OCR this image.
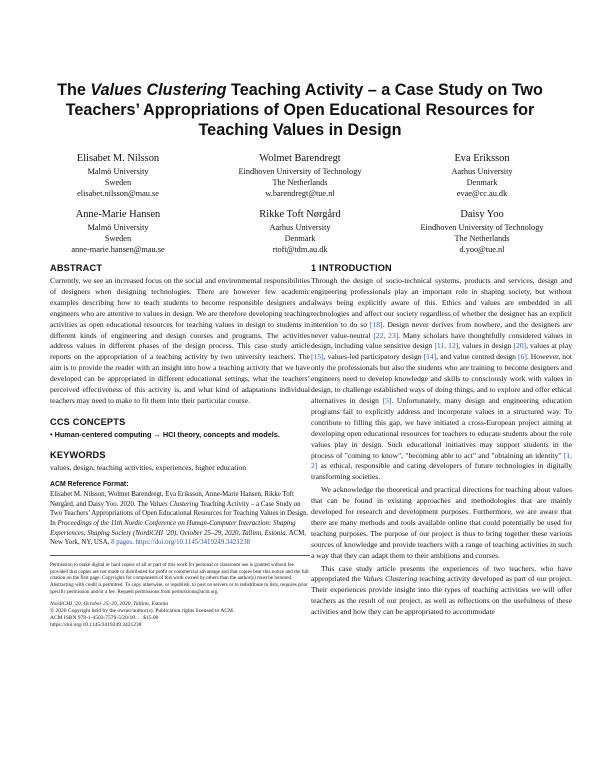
The Values Clustering Teaching Activity – a Case Study on Two
Teachers’ Appropriations of Open Educational Resources for
Teaching Values in Design
Elisabet M. Nilsson
Malmö University
Sweden
elisabet.nilsson@mau.se
Wolmet Barendregt
Eindhoven University of Technology
The Netherlands
w.barendregt@tue.nl
Eva Eriksson
Aarhus University
Denmark
evae@cc.au.dk
Anne-Marie Hansen
Malmö University
Sweden
anne-marie.hansen@mau.se
Rikke Toft Nørgård
Aarhus University
Denmark
rtoft@tdm.au.dk
Daisy Yoo
Eindhoven University of Technology
The Netherlands
d.yoo@tue.nl
ABSTRACT

Currently, we see an increased focus on the social and environmental responsibilities of designers when designing technologies. There are however few academic examples describing how to teach students to become responsible designers and engineers who are attentive to values in design. We are therefore developing teaching activities as open educational resources for teaching values in design to students in different kinds of engineering and design courses and programs. The activities address values in different phases of the design process. This case study article reports on the appropriation of a teaching activity by two university teachers. The aim is to provide the reader with an insight into how a teaching activity that we have developed can be appropriated in different educational settings, what the teachers’ perceived effectiveness of this activity is, and what kind of adaptations individual teachers may need to make to fit them into their particular course.

CCS CONCEPTS

• Human-centered computing → HCI theory, concepts and models.

KEYWORDS

values, design, teaching activities, experiences, higher education

ACM Reference Format:

Elisabet M. Nilsson, Wolmet Barendregt, Eva Eriksson, Anne-Marie Hansen, Rikke Toft Nørgård, and Daisy Yoo. 2020. The Values Clustering Teaching Activity – a Case Study on Two Teachers’ Appropriations of Open Educational Resources for Teaching Values in Design. In Proceedings of the 11th Nordic Conference on Human-Computer Interaction: Shaping Experiences, Shaping Society (NordiCHI ’20), October 25–29, 2020, Tallinn, Estonia. ACM, New York, NY, USA, 8 pages. https://doi.org/10.1145/3419249.3421238

Permission to make digital or hard copies of all or part of this work for personal or classroom use is granted without fee provided that copies are not made or distributed for profit or commercial advantage and that copies bear this notice and the full citation on the first page. Copyrights for components of this work owned by others than the author(s) must be honored. Abstracting with credit is permitted. To copy otherwise, or republish, to post on servers or to redistribute to lists, requires prior specific permission and/or a fee. Request permissions from permissions@acm.org.
NordiCHI ’20, October 25–29, 2020, Tallinn, Estonia
© 2020 Copyright held by the owner/author(s). Publication rights licensed to ACM.
ACM ISBN 978-1-4503-7579-5/20/10. . . $15.00
https://doi.org/10.1145/3419249.3421238
1 INTRODUCTION

Through the design of socio-technical systems, products and services, design and engineering professionals play an important role in shaping society, but without always being explicitly aware of this. Ethics and values are embedded in all technologies and affect our society regardless of whether the designer has an explicit intention to do so [18]. Design never derives from nowhere, and the designers are never value-neutral [22, 23]. Many scholars have thoughtfully considered values in design, including value sensitive design [11, 12], values in design [20], values at play [15], values-led participatory design [14], and value centred design [6]. However, not only the professionals but also the students who are training to become designers and engineers need to develop knowledge and skills to consciously work with values in design, to challenge established ways of doing things, and to explore and offer ethical alternatives in design [5]. Unfortunately, many design and engineering education programs fail to explicitly address and incorporate values in a structured way. To contribute to filling this gap, we have initiated a cross-European project aiming at developing open educational resources for teachers to educate students about the role values play in design. Such educational initiatives may support students in the process of "coming to know", "becoming able to act" and "obtaining an identity" [1, 2] as ethical, responsible and caring developers of future technologies in digitally transforming societies.

We acknowledge the theoretical and practical directions for teaching about values that can be found in existing approaches and methodologies that are mainly developed for research and development purposes. Furthermore, we are aware that there are many methods and tools available online that could potentially be used for teaching purposes. The purpose of our project is thus to bring together these various sources of knowledge and provide teachers with a range of teaching activities in such a way that they can adapt them to their ambitions and courses.

This case study article presents the experiences of two teachers, who have appropriated the Values Clustering teaching activity developed as part of our project. Their experiences provide insight into the types of teaching activities we will offer teachers as the result of our project, as well as reflections on the usefulness of these activities and how they can be appropriated to accommodate
